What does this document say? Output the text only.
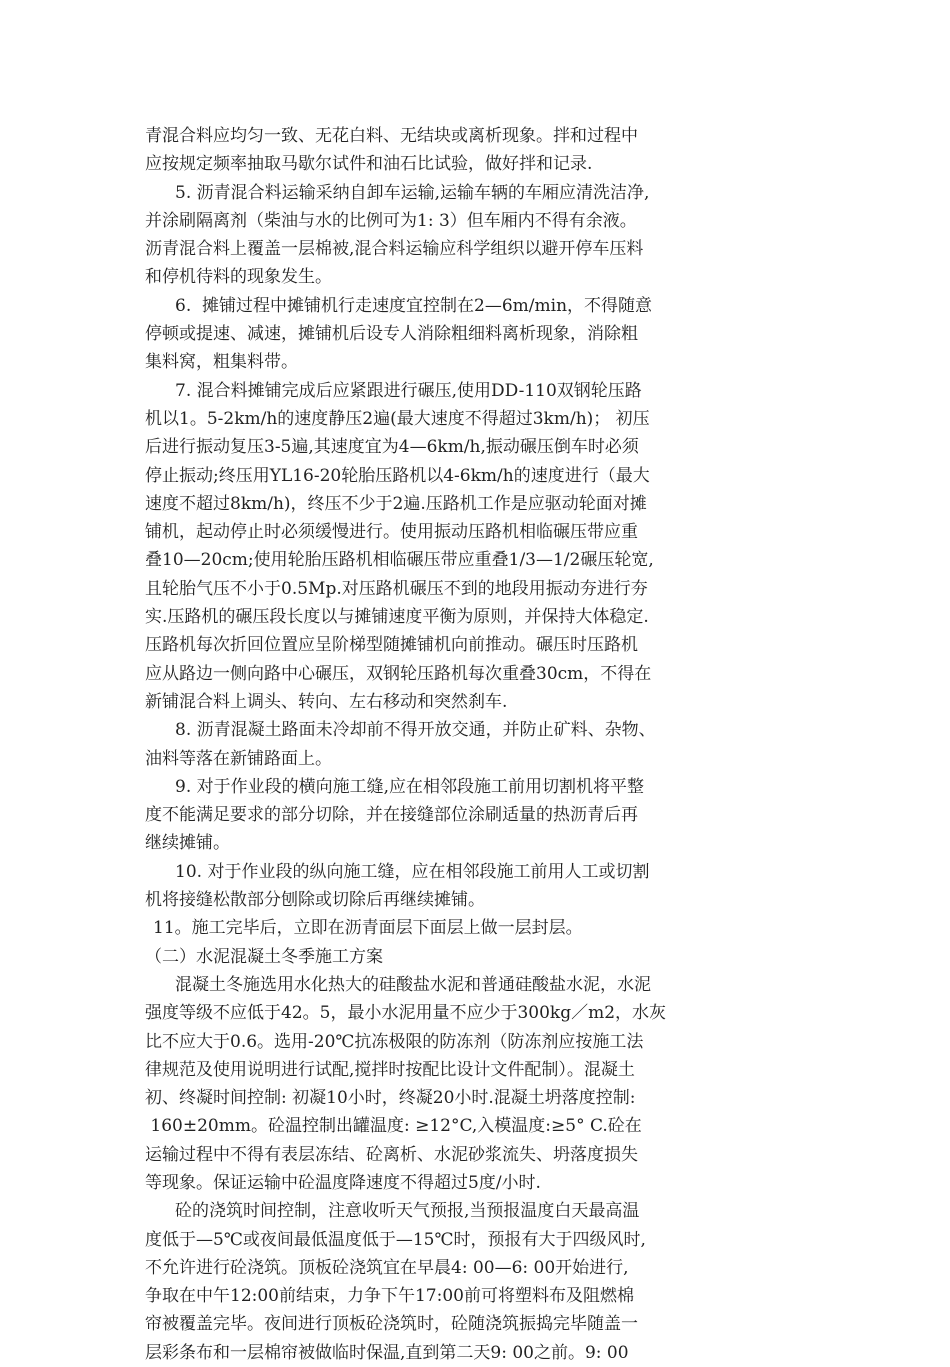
青混合料应均匀一致、无花白料、无结块或离析现象。拌和过程中
应按规定频率抽取马歇尔试件和油石比试验，做好拌和记录.
5. 沥青混合料运输采纳自卸车运输,运输车辆的车厢应清洗洁净,
并涂刷隔离剂（柴油与水的比例可为1: 3）但车厢内不得有余液。
沥青混合料上覆盖一层棉被,混合料运输应科学组织以避开停车压料
和停机待料的现象发生。
6.  摊铺过程中摊铺机行走速度宜控制在2—6m/min，不得随意
停顿或提速、减速，摊铺机后设专人消除粗细料离析现象，消除粗
集料窝，粗集料带。
7. 混合料摊铺完成后应紧跟进行碾压,使用DD-110双钢轮压路
机以1。5-2km/h的速度静压2遍(最大速度不得超过3km/h)； 初压
后进行振动复压3-5遍,其速度宜为4—6km/h,振动碾压倒车时必须
停止振动;终压用YL16-20轮胎压路机以4-6km/h的速度进行（最大
速度不超过8km/h)，终压不少于2遍.压路机工作是应驱动轮面对摊
铺机，起动停止时必须缓慢进行。使用振动压路机相临碾压带应重
叠10—20cm;使用轮胎压路机相临碾压带应重叠1/3—1/2碾压轮宽,
且轮胎气压不小于0.5Mp.对压路机碾压不到的地段用振动夯进行夯
实.压路机的碾压段长度以与摊铺速度平衡为原则，并保持大体稳定.
压路机每次折回位置应呈阶梯型随摊铺机向前推动。碾压时压路机
应从路边一侧向路中心碾压，双钢轮压路机每次重叠30cm，不得在
新铺混合料上调头、转向、左右移动和突然刹车.
8. 沥青混凝土路面未冷却前不得开放交通，并防止矿料、杂物、
油料等落在新铺路面上。
9. 对于作业段的横向施工缝,应在相邻段施工前用切割机将平整
度不能满足要求的部分切除，并在接缝部位涂刷适量的热沥青后再
继续摊铺。
10. 对于作业段的纵向施工缝，应在相邻段施工前用人工或切割
机将接缝松散部分刨除或切除后再继续摊铺。
11。施工完毕后，立即在沥青面层下面层上做一层封层。
（二）水泥混凝土冬季施工方案
混凝土冬施选用水化热大的硅酸盐水泥和普通硅酸盐水泥，水泥
强度等级不应低于42。5，最小水泥用量不应少于300kg／m2，水灰
比不应大于0.6。选用-20℃抗冻极限的防冻剂（防冻剂应按施工法
律规范及使用说明进行试配,搅拌时按配比设计文件配制）。混凝土
初、终凝时间控制: 初凝10小时，终凝20小时.混凝土坍落度控制:
160±20mm。砼温控制出罐温度: ≥12°C,入模温度:≥5° C.砼在
运输过程中不得有表层冻结、砼离析、水泥砂浆流失、坍落度损失
等现象。保证运输中砼温度降速度不得超过5度/小时.
砼的浇筑时间控制，注意收听天气预报,当预报温度白天最高温
度低于—5℃或夜间最低温度低于—15℃时，预报有大于四级风时,
不允许进行砼浇筑。顶板砼浇筑宜在早晨4: 00—6: 00开始进行,
争取在中午12:00前结束，力争下午17:00前可将塑料布及阻燃棉
帘被覆盖完毕。夜间进行顶板砼浇筑时，砼随浇筑振捣完毕随盖一
层彩条布和一层棉帘被做临时保温,直到第二天9: 00之前。9: 00
